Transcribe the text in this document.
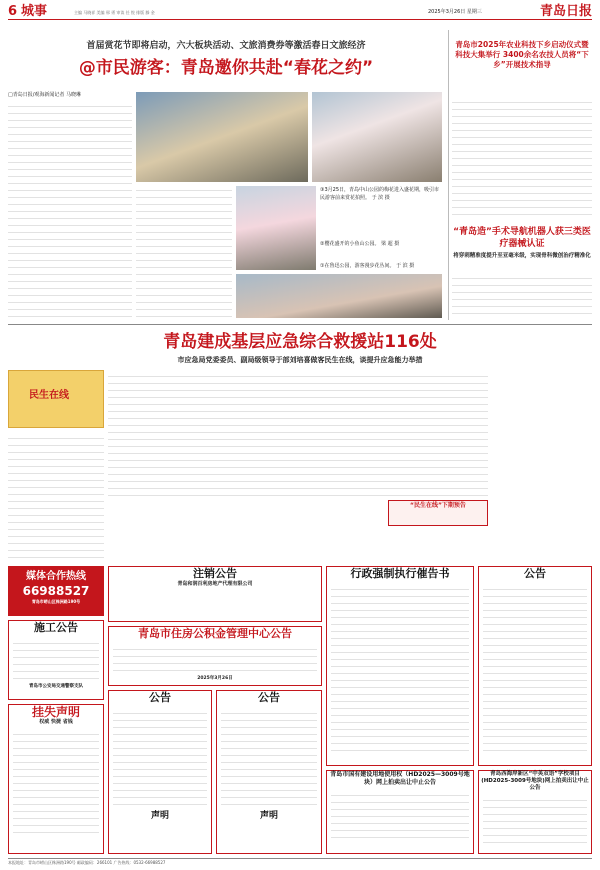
6 城事	主编 马晓祥 美编 邢 勇 审读 任 悦 排版 滕 金	2025年3月26日 星期三	青岛日报
首届赏花节即将启动，六大板块活动、文旅消费券等激活春日文旅经济
@市民游客：青岛邀你共赴“春花之约”
□青岛日报/观海新闻记者 马晓琳
③3月25日，青岛中山公园的梅花进入盛花期，吸引市民游客前来赏花拍照。 于 滨 摄
②樱花盛开的小鱼山公园。 梁 超 摄
①在鲁迅公园，游客漫步花丛间。 于 滨 摄
青岛市2025年农业科技下乡启动仪式暨科技大集举行 3400余名农技人员将“下乡”开展技术指导
“青岛造”手术导航机器人获三类医疗器械认证
将穿刺精准度提升至亚毫米级，实现骨科微创治疗精准化
青岛建成基层应急综合救援站116处
市应急局党委委员、副局级领导于部刘培喜做客民生在线，谈提升应急能力举措
民生在线
“民生在线”下期预告
媒体合作热线
66988527
青岛市崂山区株洲路190号
注销公告
青岛和润百利房地产代理有限公司
行政强制执行催告书	公告
施工公告
青岛市公安局交通警察支队
青岛市住房公积金管理中心公告
2025年3月26日
挂失声明
权威 快捷 省钱
公告
声明
公告
声明
青岛市国有建设用地使用权（HD2025—3009号地块）网上拍卖出让中止公告
青岛西海岸新区“中英双语”学校项目(HD2025-3009号地块)网上拍卖出让中止公告
本报地址：青岛市崂山区株洲路190号 邮政编码：266101 广告热线：0532-66988527
